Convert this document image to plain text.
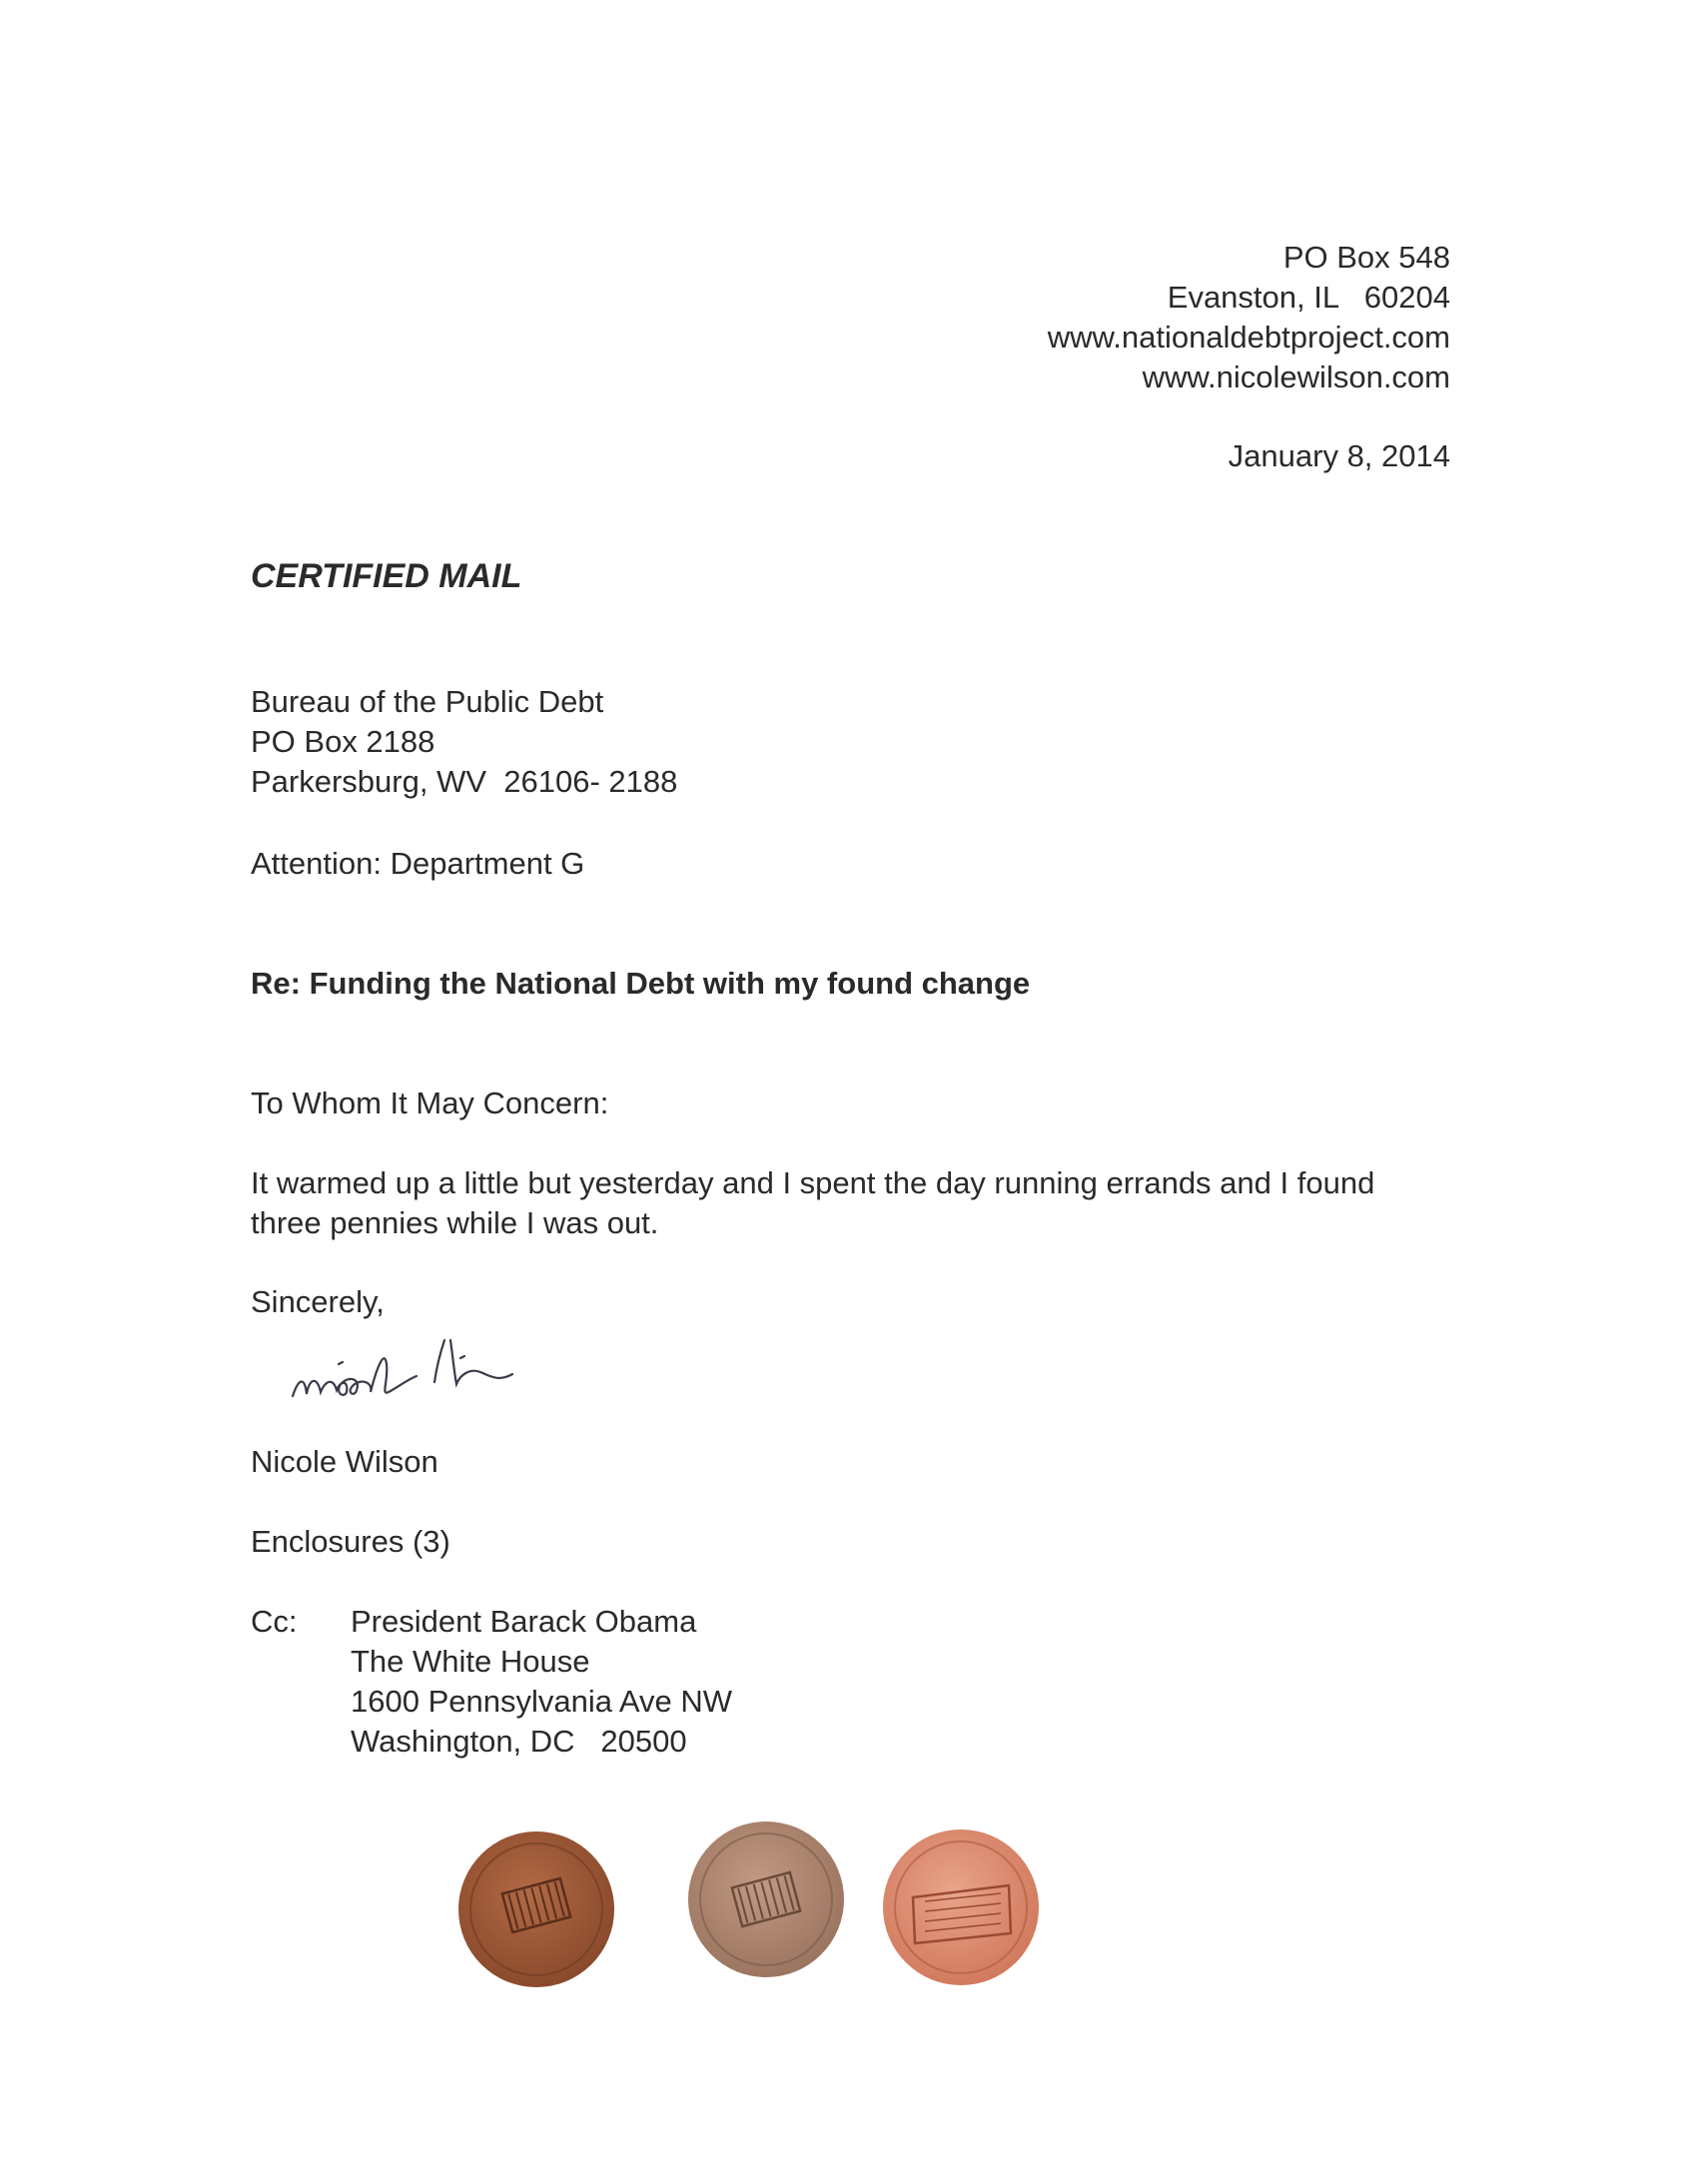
PO Box 548
Evanston, IL   60204
www.nationaldebtproject.com
www.nicolewilson.com
January 8, 2014
CERTIFIED MAIL
Bureau of the Public Debt
PO Box 2188
Parkersburg, WV  26106- 2188
Attention: Department G
Re: Funding the National Debt with my found change
To Whom It May Concern:
It warmed up a little but yesterday and I spent the day running errands and I found three pennies while I was out.
Sincerely,
Nicole Wilson
Enclosures (3)
Cc: President Barack Obama
The White House
1600 Pennsylvania Ave NW
Washington, DC   20500
